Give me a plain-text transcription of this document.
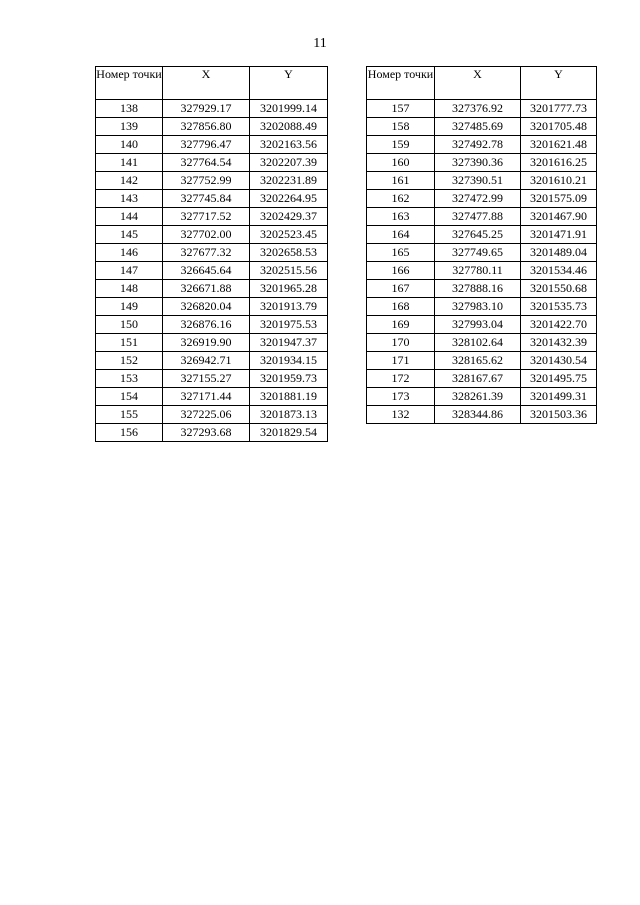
11
Номер точки	X	Y
138	327929.17	3201999.14
139	327856.80	3202088.49
140	327796.47	3202163.56
141	327764.54	3202207.39
142	327752.99	3202231.89
143	327745.84	3202264.95
144	327717.52	3202429.37
145	327702.00	3202523.45
146	327677.32	3202658.53
147	326645.64	3202515.56
148	326671.88	3201965.28
149	326820.04	3201913.79
150	326876.16	3201975.53
151	326919.90	3201947.37
152	326942.71	3201934.15
153	327155.27	3201959.73
154	327171.44	3201881.19
155	327225.06	3201873.13
156	327293.68	3201829.54
Номер точки	X	Y
157	327376.92	3201777.73
158	327485.69	3201705.48
159	327492.78	3201621.48
160	327390.36	3201616.25
161	327390.51	3201610.21
162	327472.99	3201575.09
163	327477.88	3201467.90
164	327645.25	3201471.91
165	327749.65	3201489.04
166	327780.11	3201534.46
167	327888.16	3201550.68
168	327983.10	3201535.73
169	327993.04	3201422.70
170	328102.64	3201432.39
171	328165.62	3201430.54
172	328167.67	3201495.75
173	328261.39	3201499.31
132	328344.86	3201503.36
